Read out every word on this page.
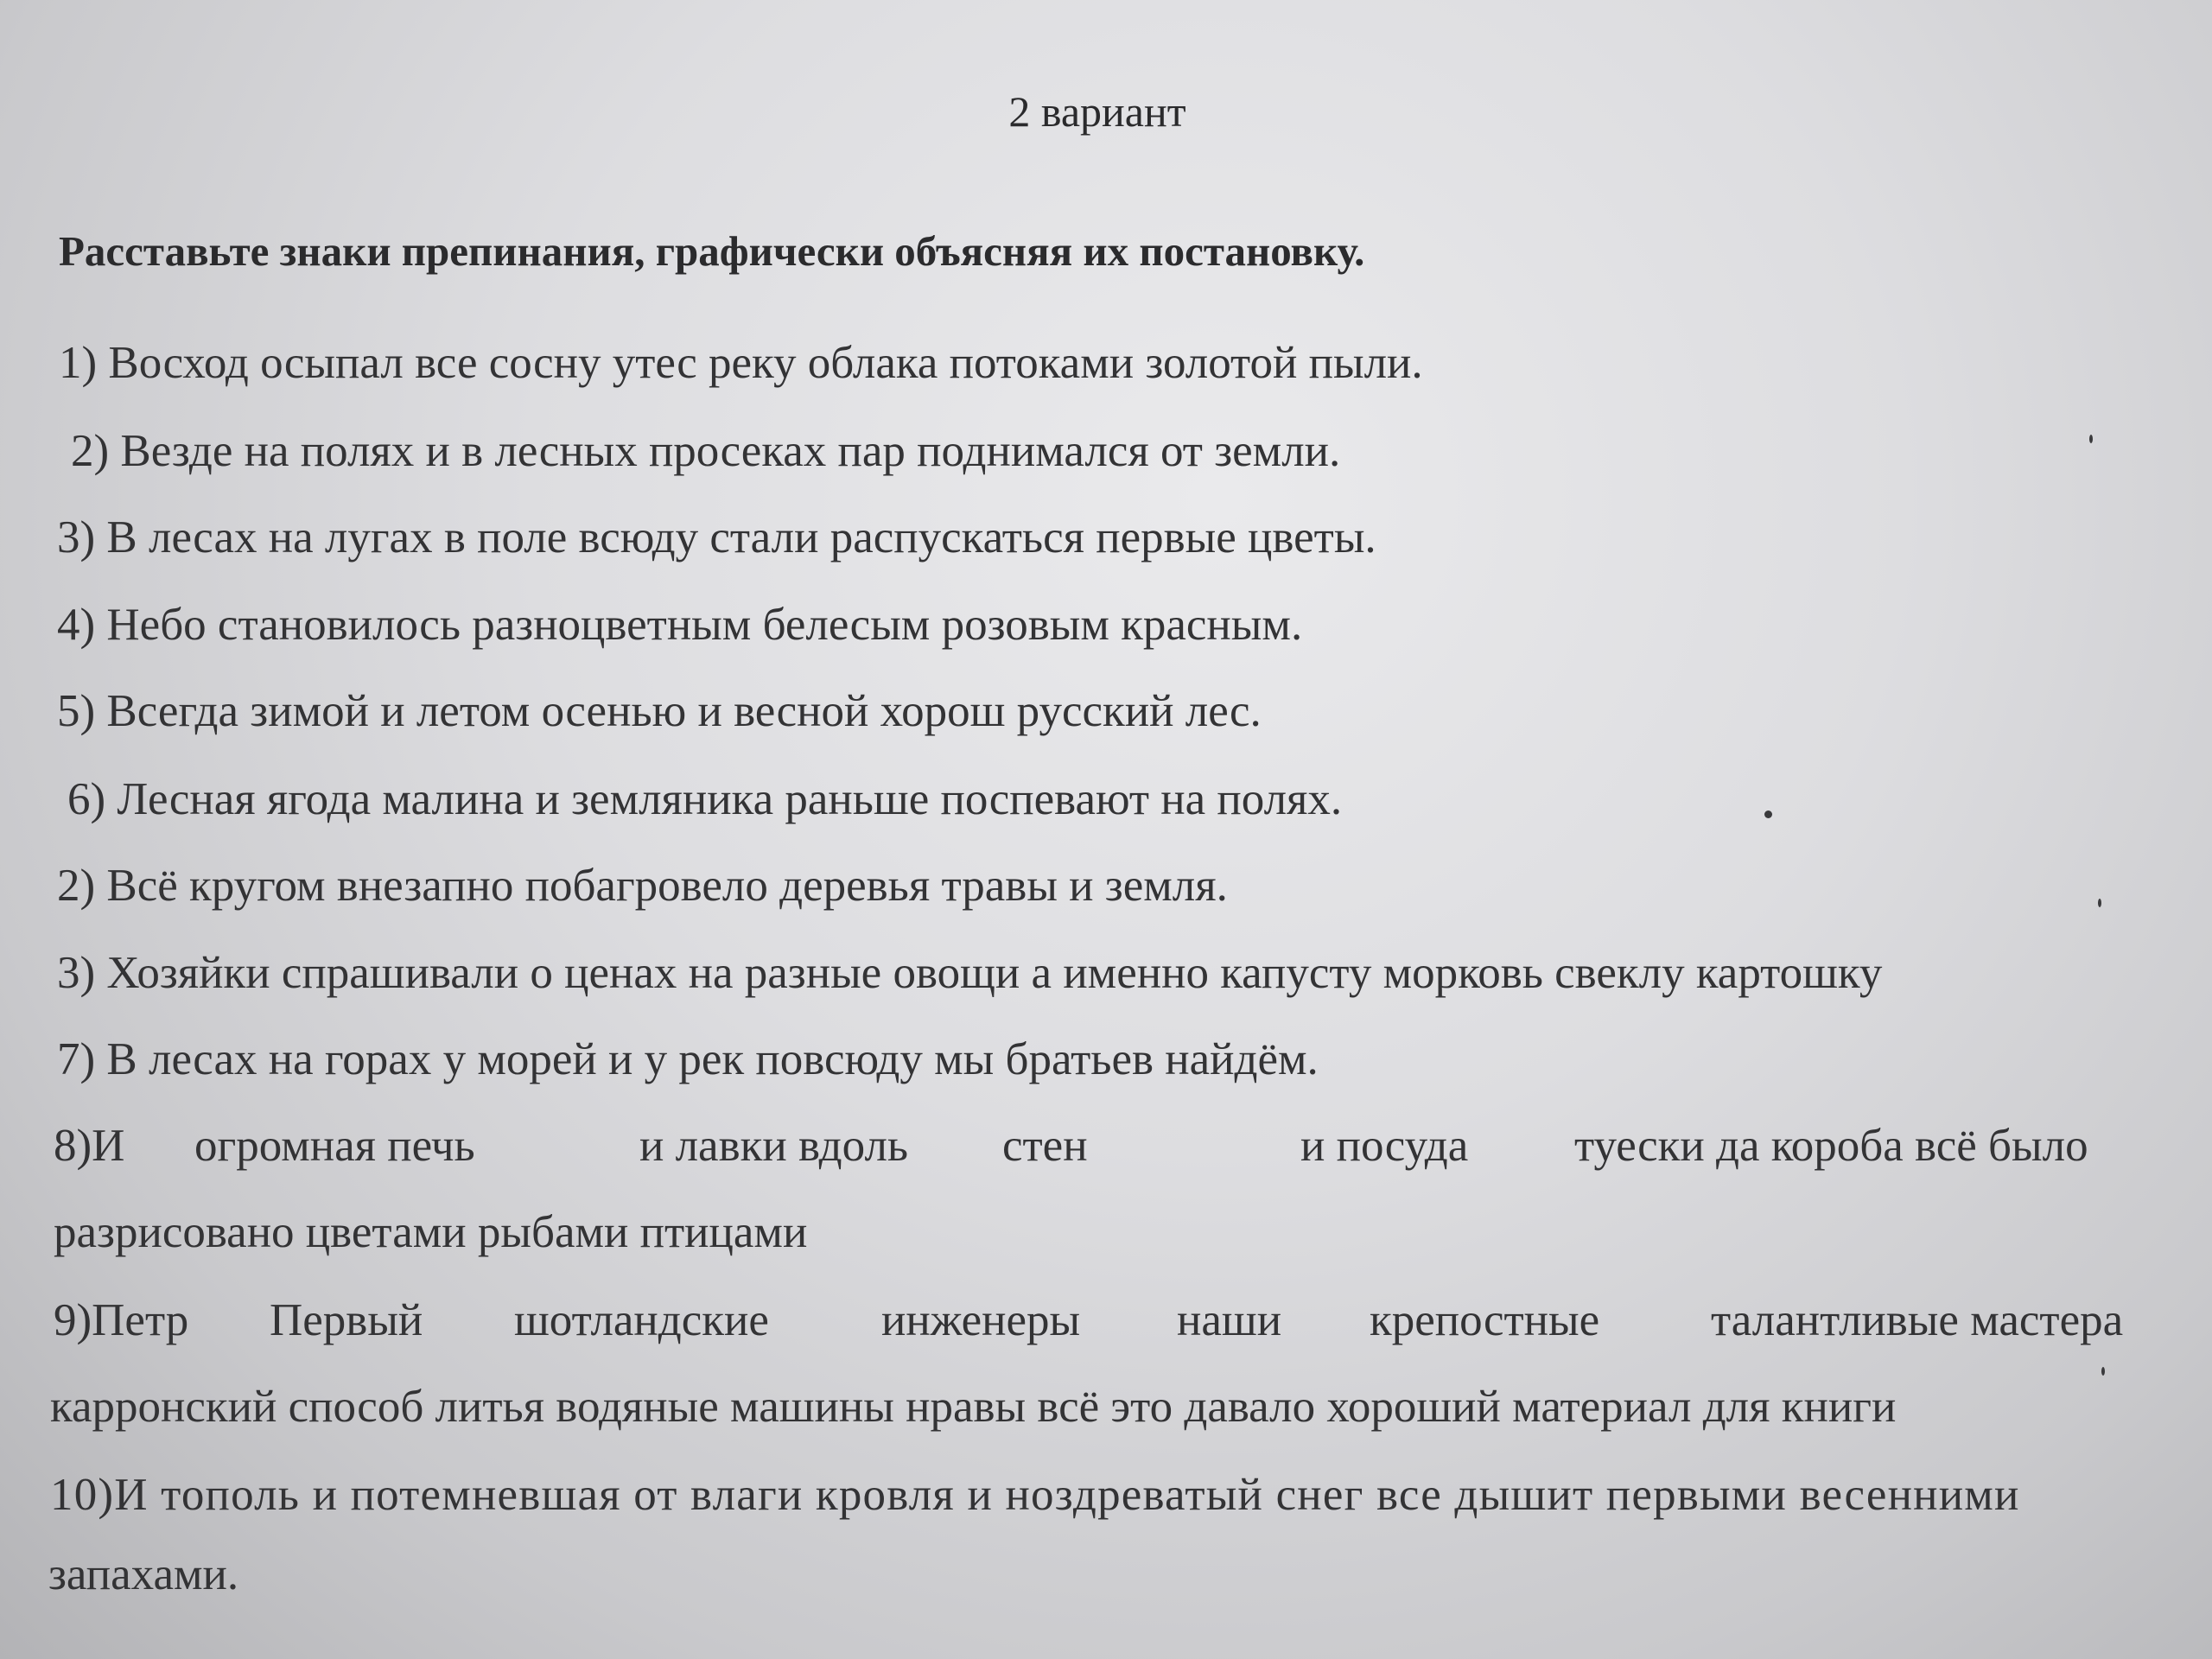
2 вариант
Расставьте знаки препинания, графически объясняя их постановку.
1) Восход осыпал все сосну утес реку облака потоками золотой пыли.
2) Везде на полях и в лесных просеках пар поднимался от земли.
3) В лесах на лугах в поле всюду стали распускаться первые цветы.
4) Небо становилось разноцветным белесым розовым красным.
5) Всегда зимой и летом осенью и весной хорош русский лес.
6) Лесная ягода малина и земляника раньше поспевают на полях.
2) Всё кругом внезапно побагровело деревья травы и земля.
3) Хозяйки спрашивали о ценах на разные овощи а именно капусту морковь свеклу картошку
7) В лесах на горах у морей и у рек повсюду мы братьев найдём.
8)И огромная печь	и лавки вдоль стен	и посуда туески да короба всё было
разрисовано цветами рыбами птицами
9)Петр Первый шотландские инженеры наши крепостные талантливые мастера
карронский способ литья водяные машины нравы всё это давало хороший материал для книги
10)И тополь и потемневшая от влаги кровля и ноздреватый снег все дышит первыми весенними
запахами.
